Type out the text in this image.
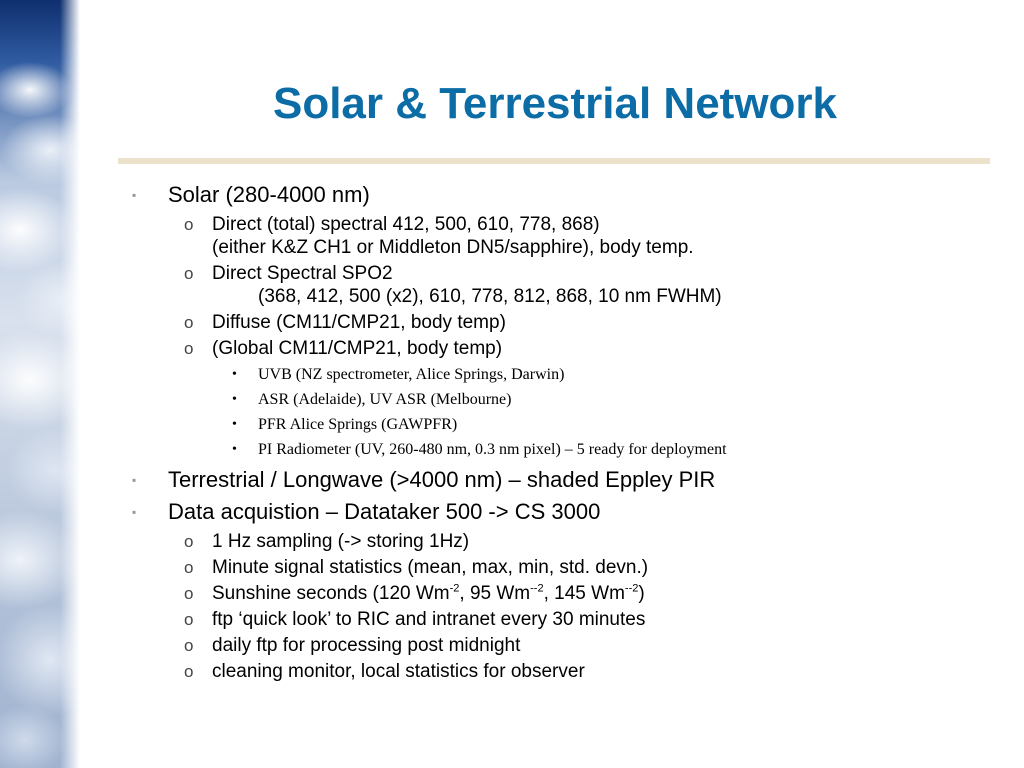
Solar & Terrestrial Network
▪ Solar (280-4000 nm)
o Direct (total) spectral 412, 500, 610, 778, 868)
(either K&Z CH1 or Middleton DN5/sapphire), body temp.
o Direct Spectral SPO2
(368, 412, 500 (x2), 610, 778, 812, 868, 10 nm FWHM)
o Diffuse (CM11/CMP21, body temp)
o (Global CM11/CMP21, body temp)
• UVB (NZ spectrometer, Alice Springs, Darwin)
• ASR (Adelaide), UV ASR (Melbourne)
• PFR Alice Springs (GAWPFR)
• PI Radiometer (UV, 260-480 nm, 0.3 nm pixel) – 5 ready for deployment
▪ Terrestrial / Longwave (>4000 nm) – shaded Eppley PIR
▪ Data acquistion – Datataker 500 -> CS 3000
o 1 Hz sampling (-> storing 1Hz)
o Minute signal statistics (mean, max, min, std. devn.)
o Sunshine seconds (120 $Wm^{-2}$, 95 $Wm^{--2}$, 145 $Wm^{--2}$)
o ftp ‘quick look’ to RIC and intranet every 30 minutes
o daily ftp for processing post midnight
o cleaning monitor, local statistics for observer
